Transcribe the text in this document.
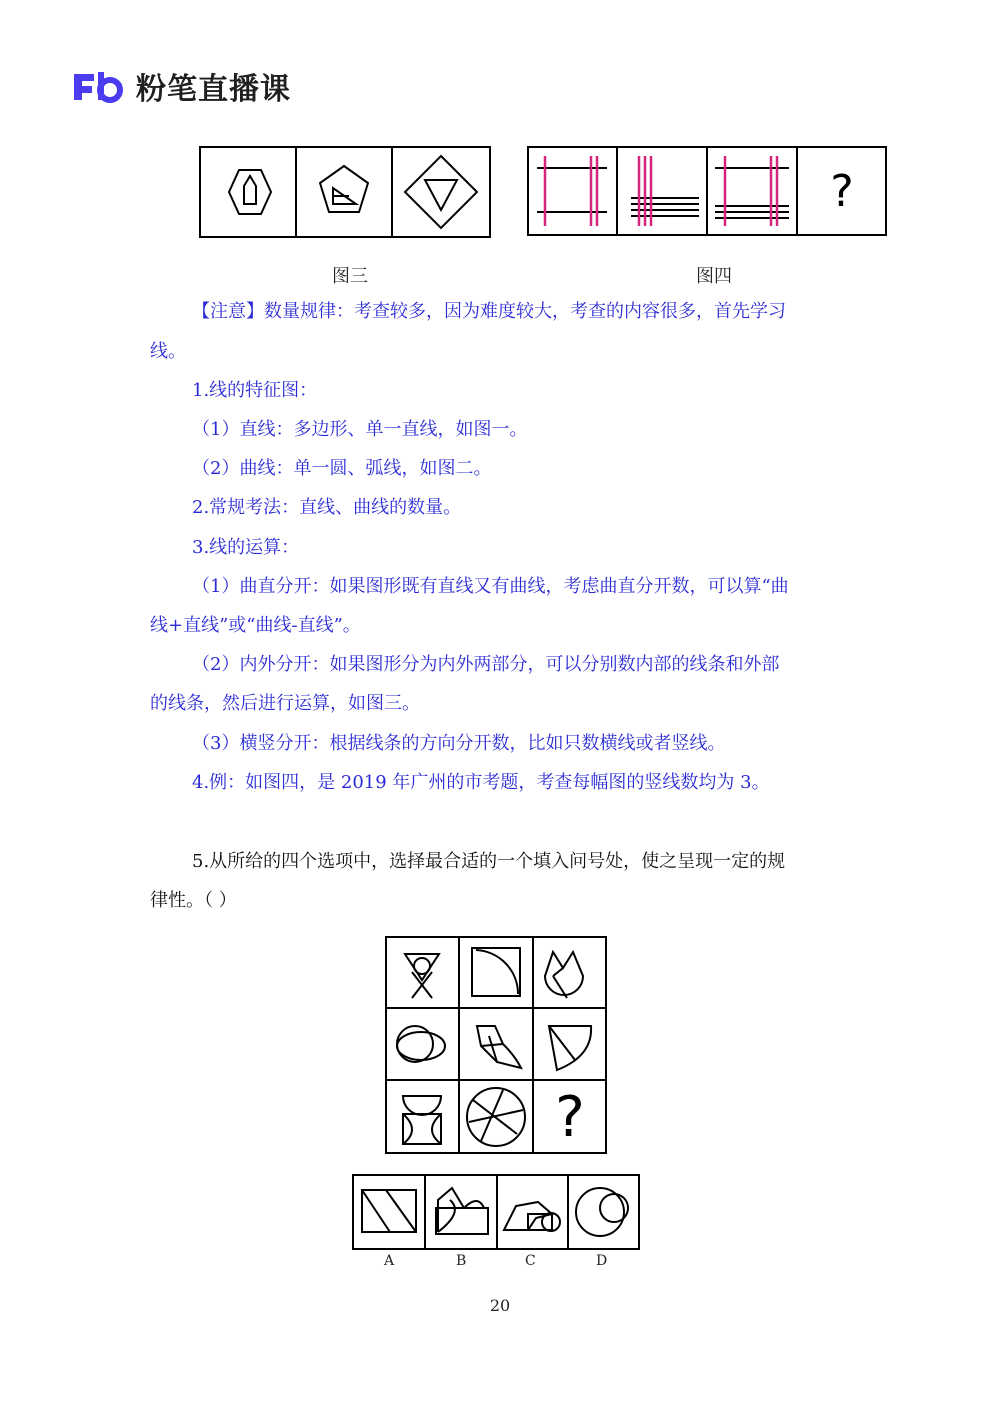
粉笔直播课
?
图三	图四
【注意】数量规律：考查较多，因为难度较大，考查的内容很多，首先学习
线。
1.线的特征图：
（1）直线：多边形、单一直线，如图一。
（2）曲线：单一圆、弧线，如图二。
2.常规考法：直线、曲线的数量。
3.线的运算：
（1）曲直分开：如果图形既有直线又有曲线，考虑曲直分开数，可以算“曲
线+直线”或“曲线-直线”。
（2）内外分开：如果图形分为内外两部分，可以分别数内部的线条和外部
的线条，然后进行运算，如图三。
（3）横竖分开：根据线条的方向分开数，比如只数横线或者竖线。
4.例：如图四，是 2019 年广州的市考题，考查每幅图的竖线数均为 3。
5.从所给的四个选项中，选择最合适的一个填入问号处，使之呈现一定的规
律性。（ ）
?
A	B	C	D
20
